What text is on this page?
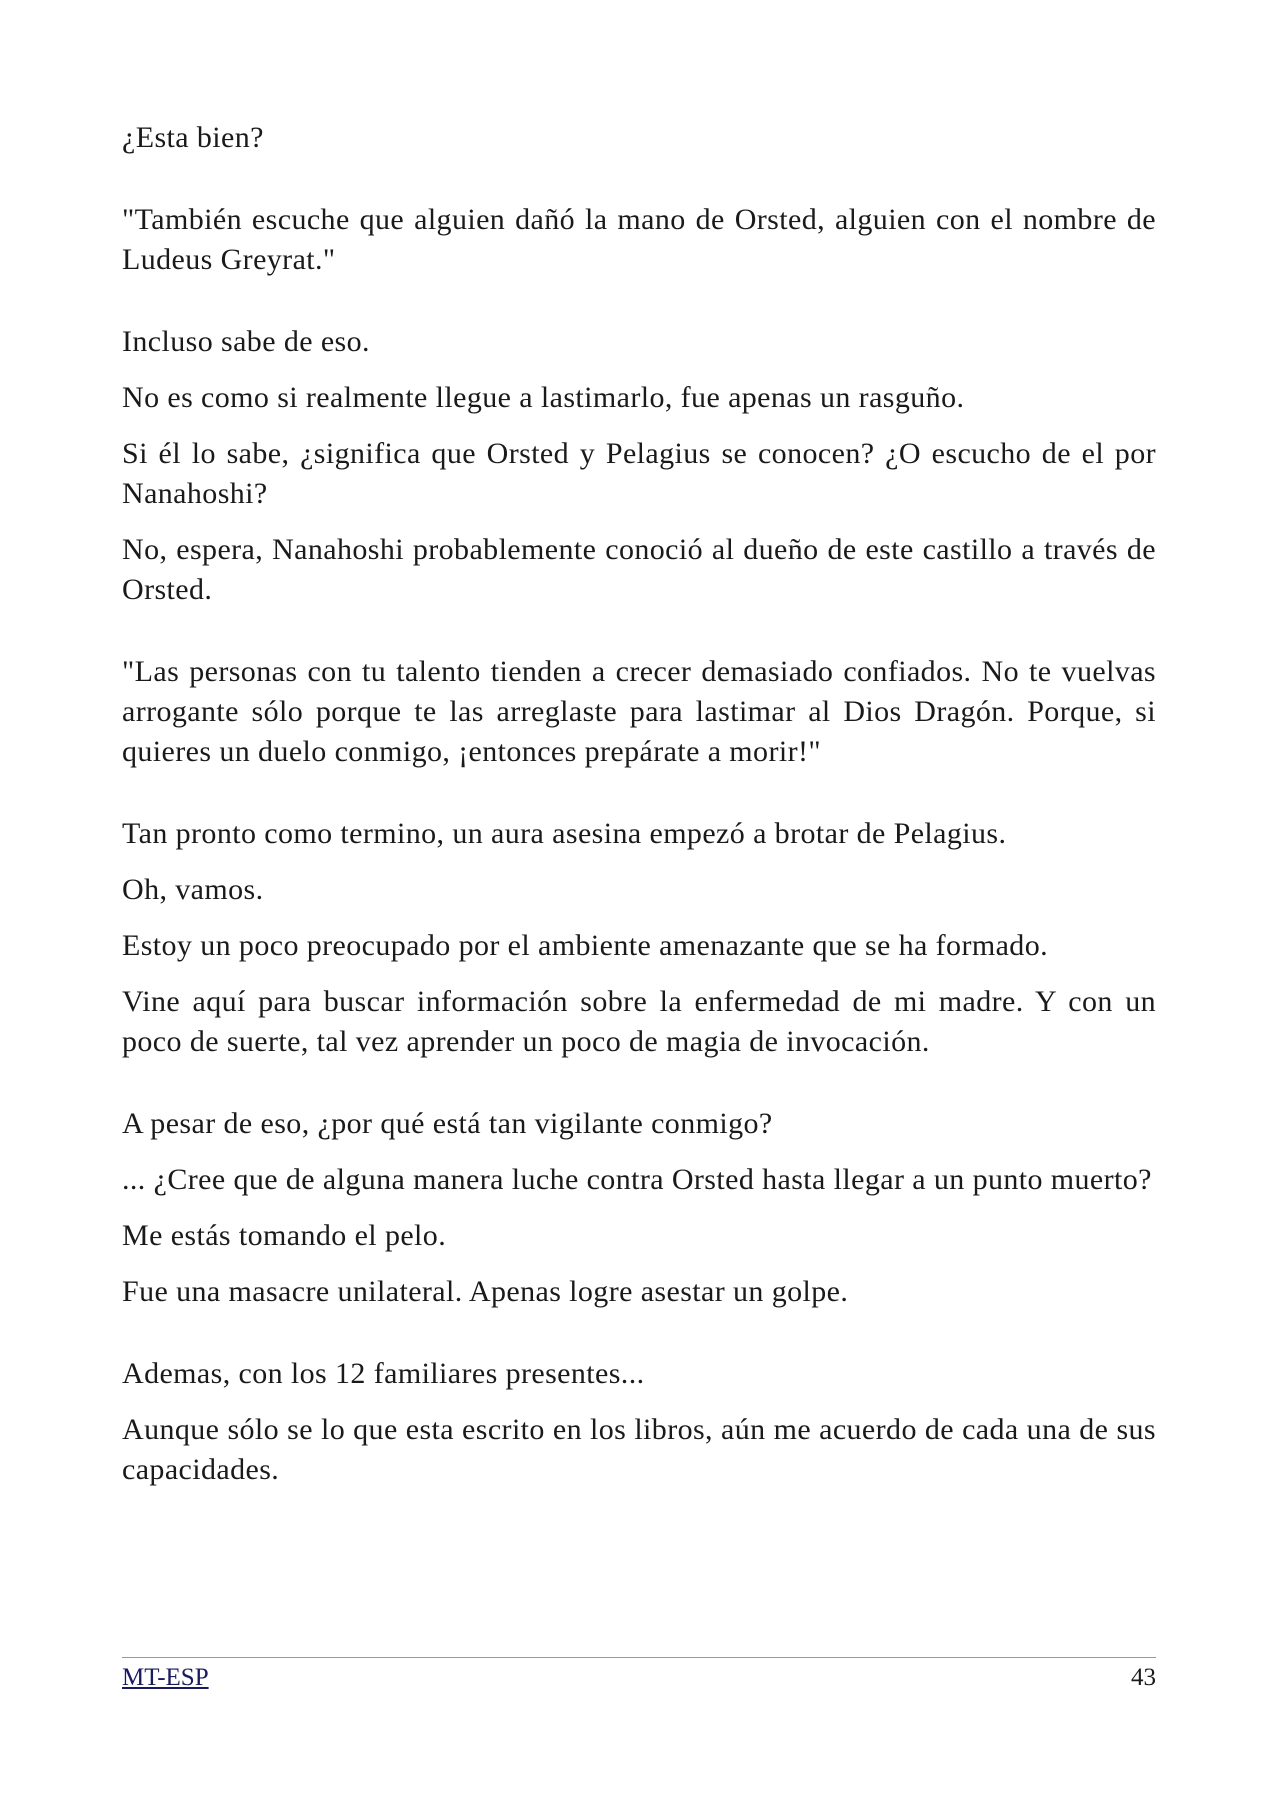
¿Esta bien?

"También escuche que alguien dañó la mano de Orsted, alguien con el nombre de Ludeus Greyrat."

Incluso sabe de eso.

No es como si realmente llegue a lastimarlo, fue apenas un rasguño.

Si él lo sabe, ¿significa que Orsted y Pelagius se conocen? ¿O escucho de el por Nanahoshi?

No, espera, Nanahoshi probablemente conoció al dueño de este castillo a través de Orsted.

"Las personas con tu talento tienden a crecer demasiado confiados. No te vuelvas arrogante sólo porque te las arreglaste para lastimar al Dios Dragón. Porque, si quieres un duelo conmigo, ¡entonces prepárate a morir!"

Tan pronto como termino, un aura asesina empezó a brotar de Pelagius.

Oh, vamos.

Estoy un poco preocupado por el ambiente amenazante que se ha formado.

Vine aquí para buscar información sobre la enfermedad de mi madre. Y con un poco de suerte, tal vez aprender un poco de magia de invocación.

A pesar de eso, ¿por qué está tan vigilante conmigo?

... ¿Cree que de alguna manera luche contra Orsted hasta llegar a un punto muerto?

Me estás tomando el pelo.

Fue una masacre unilateral. Apenas logre asestar un golpe.

Ademas, con los 12 familiares presentes...

Aunque sólo se lo que esta escrito en los libros, aún me acuerdo de cada una de sus capacidades.

MT-ESP	43
